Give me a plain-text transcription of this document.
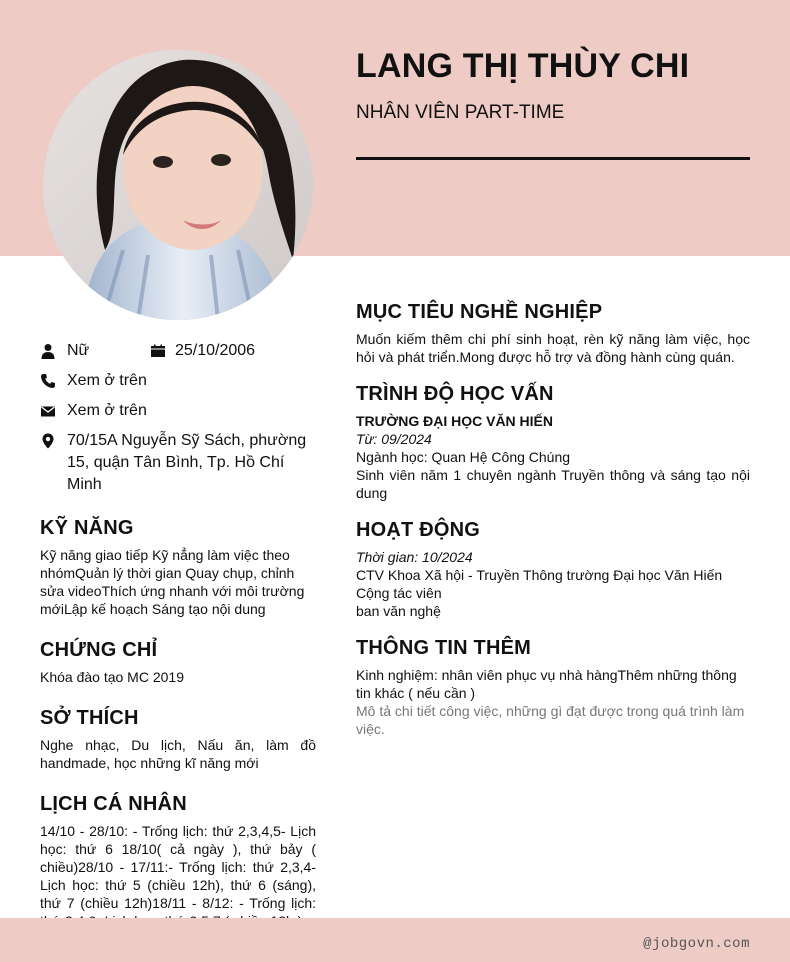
LANG THỊ THÙY CHI
NHÂN VIÊN PART-TIME
Nữ	25/10/2006
Xem ở trên
Xem ở trên
70/15A Nguyễn Sỹ Sách, phường 15, quận Tân Bình, Tp. Hồ Chí Minh
KỸ NĂNG

Kỹ năng giao tiếp Kỹ nẳng làm việc theo nhómQuản lý thời gian Quay chụp, chỉnh sửa videoThích ứng nhanh với môi trường mớiLập kế hoạch Sáng tạo nội dung

CHỨNG CHỈ

Khóa đào tạo MC 2019

SỞ THÍCH

Nghe nhạc, Du lịch, Nấu ăn, làm đồ handmade, học những kĩ năng mới

LỊCH CÁ NHÂN

14/10 - 28/10: - Trống lịch: thứ 2,3,4,5- Lịch học: thứ 6 18/10( cả ngày ), thứ bảy ( chiều)28/10 - 17/11:- Trống lịch: thứ 2,3,4- Lịch học: thứ 5 (chiều 12h), thứ 6 (sáng), thứ 7 (chiều 12h)18/11 - 8/12: - Trống lịch:

MỤC TIÊU NGHỀ NGHIỆP

Muốn kiếm thêm chi phí sinh hoạt, rèn kỹ năng làm việc, học hỏi và phát triển.Mong được hỗ trợ và đồng hành cùng quán.

TRÌNH ĐỘ HỌC VẤN

TRƯỜNG ĐẠI HỌC VĂN HIẾN

Từ: 09/2024

Ngành học: Quan Hệ Công Chúng

Sinh viên năm 1 chuyên ngành Truyền thông và sáng tạo nội dung

HOẠT ĐỘNG

Thời gian: 10/2024

CTV Khoa Xã hội - Truyền Thông trường Đại học Văn Hiến

Cộng tác viên

ban văn nghệ

THÔNG TIN THÊM

Kinh nghiệm: nhân viên phục vụ nhà hàngThêm những thông tin khác ( nếu cần )

Mô tả chi tiết công việc, những gì đạt được trong quá trình làm việc.

@jobgovn.com
